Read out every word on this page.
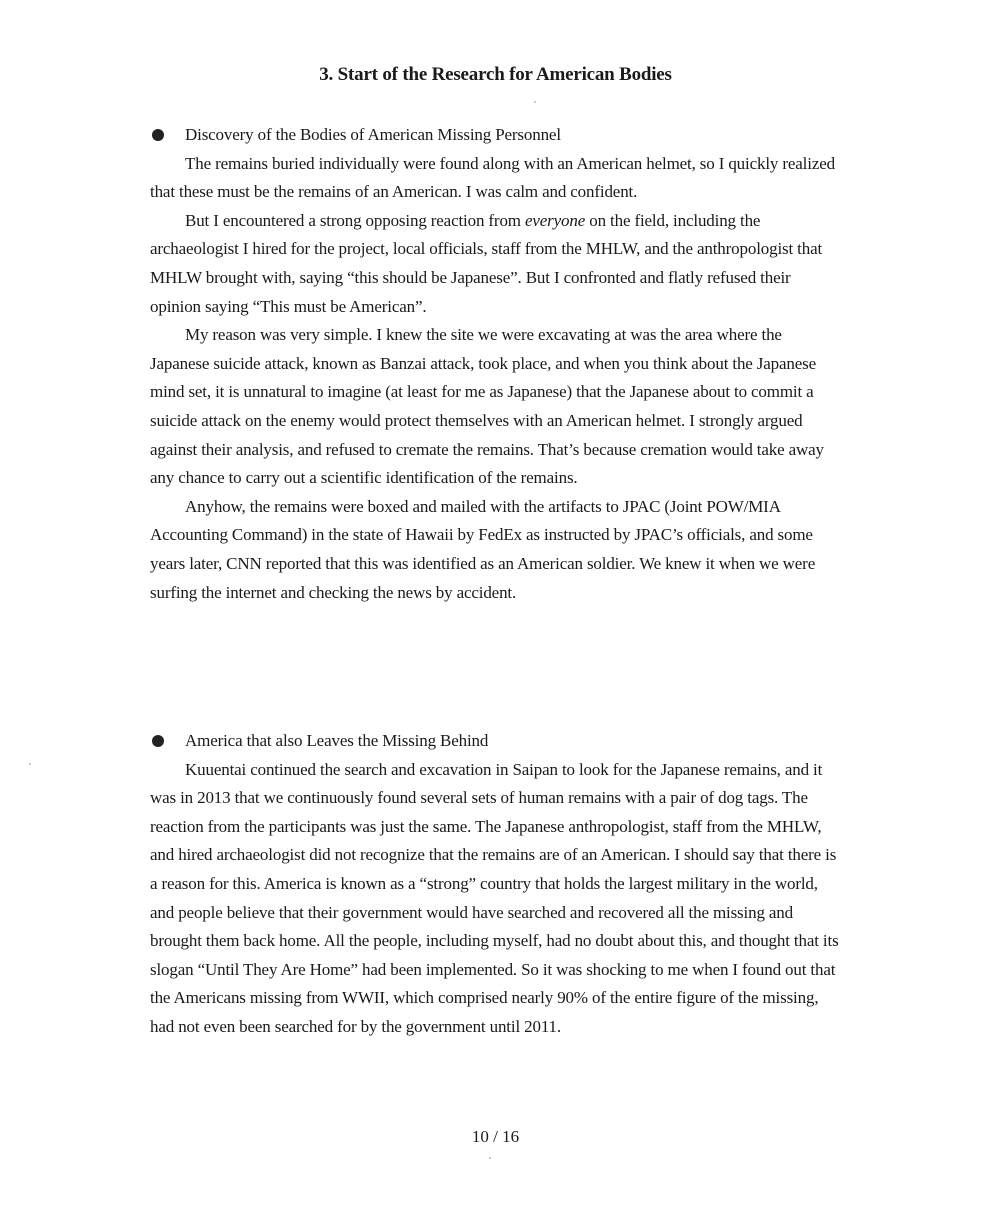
3. Start of the Research for American Bodies
Discovery of the Bodies of American Missing Personnel

The remains buried individually were found along with an American helmet, so I quickly realized that these must be the remains of an American. I was calm and confident.

But I encountered a strong opposing reaction from everyone on the field, including the archaeologist I hired for the project, local officials, staff from the MHLW, and the anthropologist that MHLW brought with, saying “this should be Japanese”. But I confronted and flatly refused their opinion saying “This must be American”.

My reason was very simple. I knew the site we were excavating at was the area where the Japanese suicide attack, known as Banzai attack, took place, and when you think about the Japanese mind set, it is unnatural to imagine (at least for me as Japanese) that the Japanese about to commit a suicide attack on the enemy would protect themselves with an American helmet. I strongly argued against their analysis, and refused to cremate the remains. That’s because cremation would take away any chance to carry out a scientific identification of the remains.

Anyhow, the remains were boxed and mailed with the artifacts to JPAC (Joint POW/MIA Accounting Command) in the state of Hawaii by FedEx as instructed by JPAC’s officials, and some years later, CNN reported that this was identified as an American soldier. We knew it when we were surfing the internet and checking the news by accident.

America that also Leaves the Missing Behind

Kuuentai continued the search and excavation in Saipan to look for the Japanese remains, and it was in 2013 that we continuously found several sets of human remains with a pair of dog tags. The reaction from the participants was just the same. The Japanese anthropologist, staff from the MHLW, and hired archaeologist did not recognize that the remains are of an American. I should say that there is a reason for this. America is known as a “strong” country that holds the largest military in the world, and people believe that their government would have searched and recovered all the missing and brought them back home. All the people, including myself, had no doubt about this, and thought that its slogan “Until They Are Home” had been implemented. So it was shocking to me when I found out that the Americans missing from WWII, which comprised nearly 90% of the entire figure of the missing, had not even been searched for by the government until 2011.

10 / 16
